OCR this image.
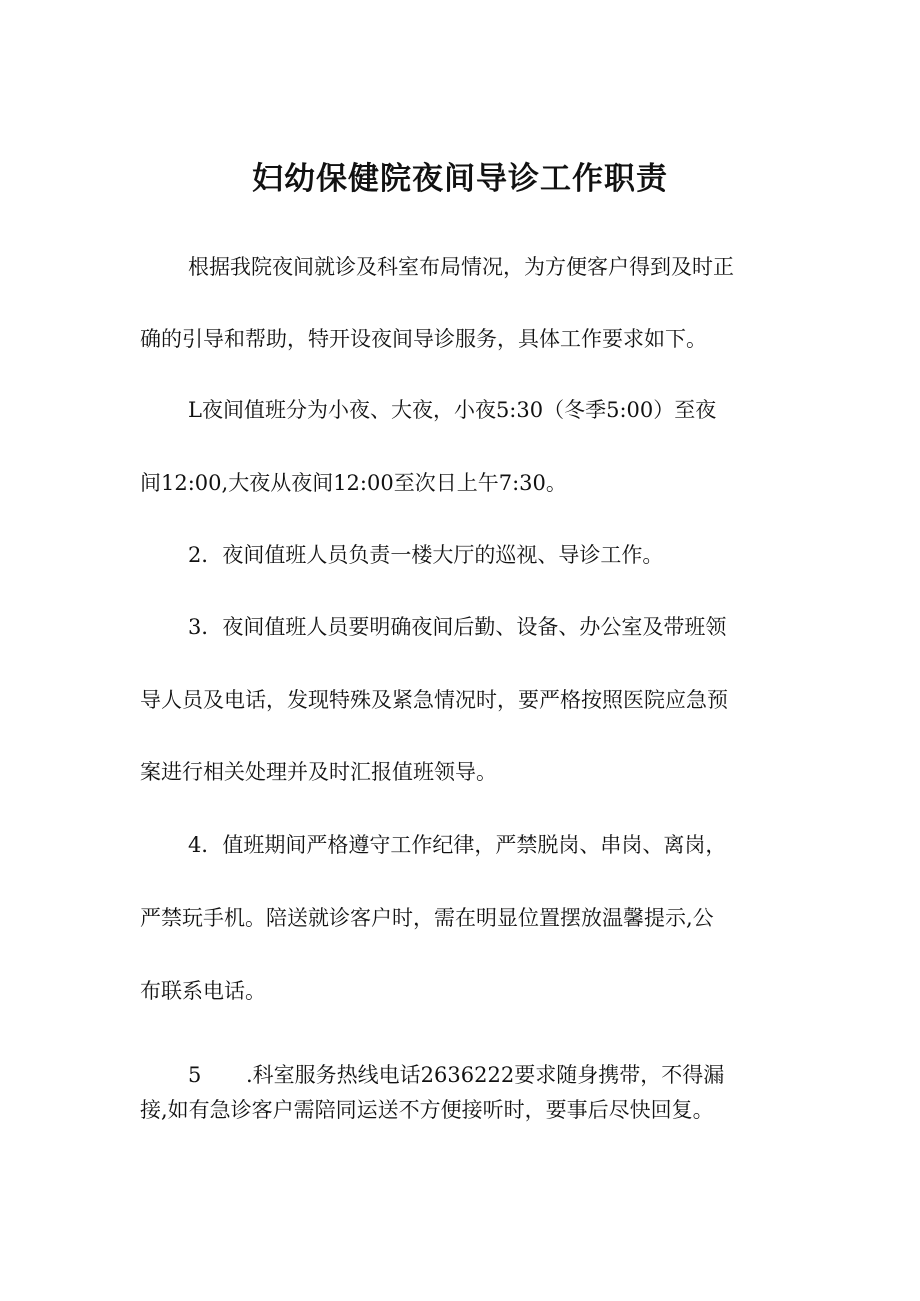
妇幼保健院夜间导诊工作职责
根据我院夜间就诊及科室布局情况，为方便客户得到及时正
确的引导和帮助，特开设夜间导诊服务，具体工作要求如下。
L夜间值班分为小夜、大夜，小夜5:30（冬季5:00）至夜
间12:00,大夜从夜间12:00至次日上午7:30。
2．夜间值班人员负责一楼大厅的巡视、导诊工作。
3．夜间值班人员要明确夜间后勤、设备、办公室及带班领
导人员及电话，发现特殊及紧急情况时，要严格按照医院应急预
案进行相关处理并及时汇报值班领导。
4．值班期间严格遵守工作纪律，严禁脱岗、串岗、离岗，
严禁玩手机。陪送就诊客户时，需在明显位置摆放温馨提示,公
布联系电话。
5 .科室服务热线电话2636222要求随身携带，不得漏
接,如有急诊客户需陪同运送不方便接听时，要事后尽快回复。
